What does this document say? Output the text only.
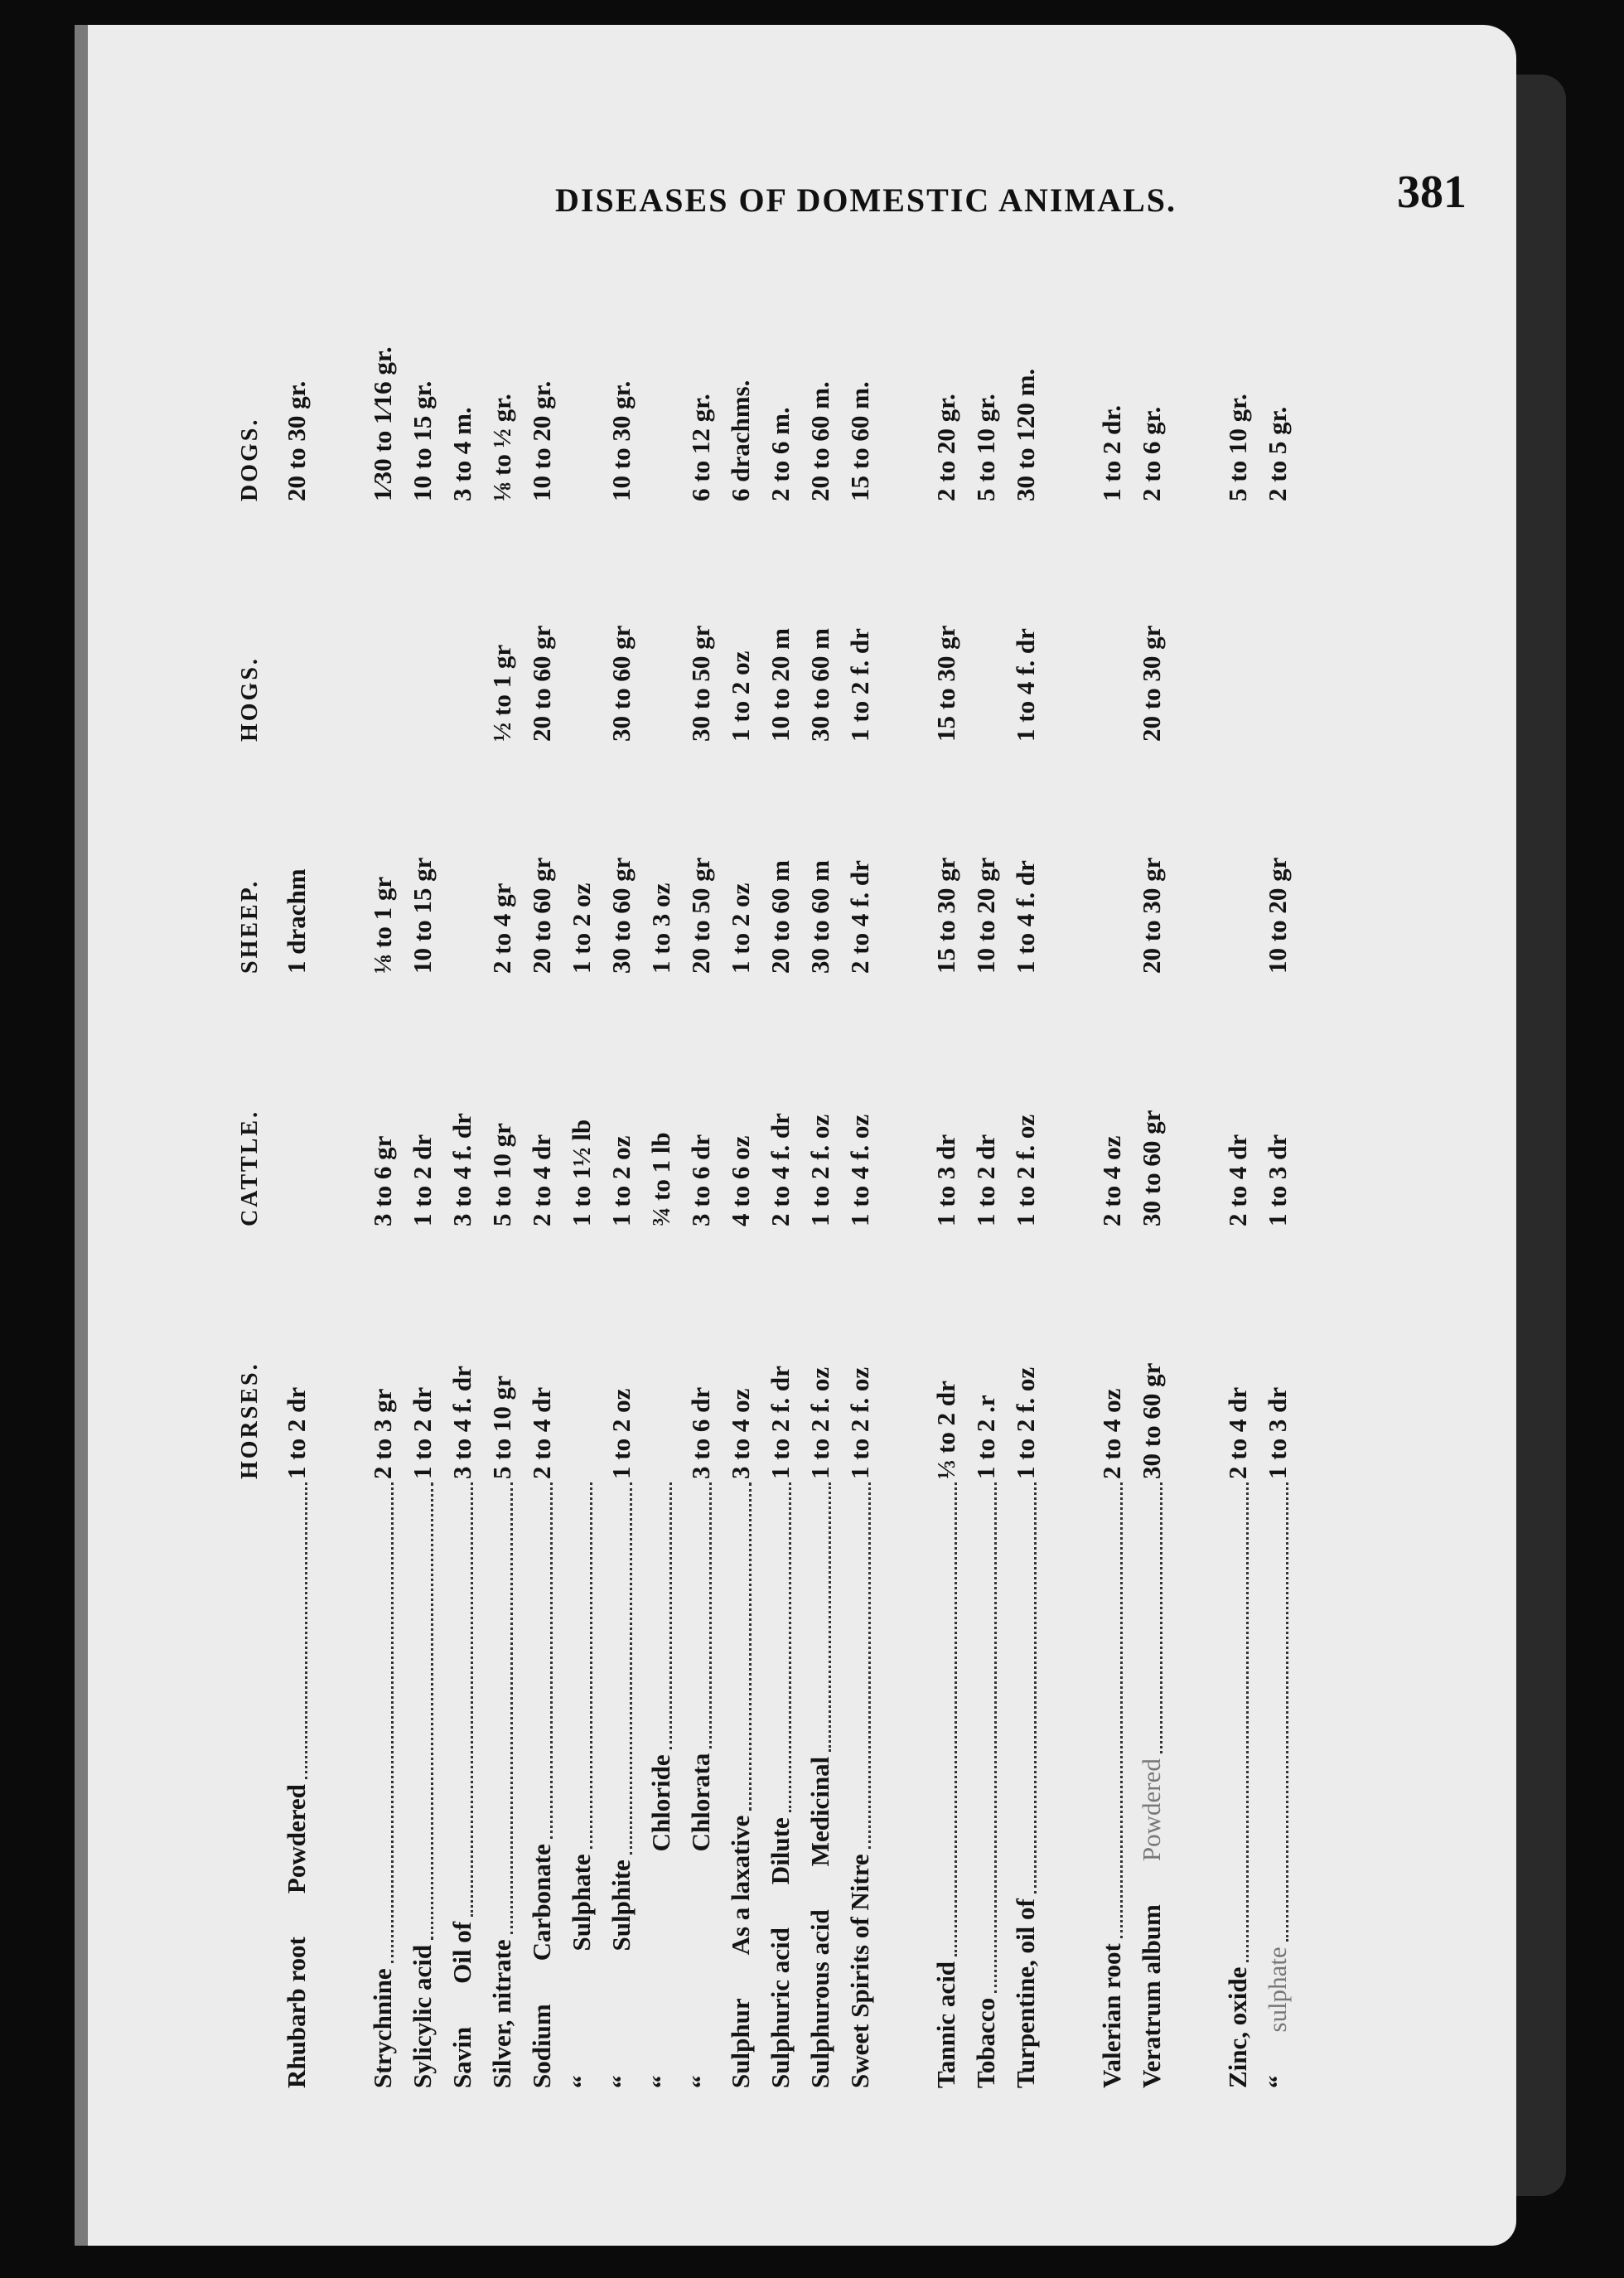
DISEASES OF DOMESTIC ANIMALS.	381
HORSES.
CATTLE.
SHEEP.
HOGS.
DOGS.
Rhubarb root
Powdered
1 to 2 dr
1 drachm
20 to 30 gr.
Strychnine
2 to 3 gr
3 to 6 gr
⅛ to 1 gr
1⁄30 to 1⁄16 gr.
Sylicylic acid
1 to 2 dr
1 to 2 dr
10 to 15 gr
10 to 15 gr.
Savin
Oil of
3 to 4 f. dr
3 to 4 f. dr
3 to 4 m.
Silver, nitrate
5 to 10 gr
5 to 10 gr
2 to 4 gr
½ to 1 gr
⅛ to ½ gr.
Sodium
Carbonate
2 to 4 dr
2 to 4 dr
20 to 60 gr
20 to 60 gr
10 to 20 gr.
“
Sulphate
1 to 1½ lb
1 to 2 oz
“
Sulphite
1 to 2 oz
1 to 2 oz
30 to 60 gr
30 to 60 gr
10 to 30 gr.
“
Chloride
¾ to 1 lb
1 to 3 oz
“
Chlorata
3 to 6 dr
3 to 6 dr
20 to 50 gr
30 to 50 gr
6 to 12 gr.
Sulphur
As a laxative
3 to 4 oz
4 to 6 oz
1 to 2 oz
1 to 2 oz
6 drachms.
Sulphuric acid
Dilute
1 to 2 f. dr
2 to 4 f. dr
20 to 60 m
10 to 20 m
2 to 6 m.
Sulphurous acid
Medicinal
1 to 2 f. oz
1 to 2 f. oz
30 to 60 m
30 to 60 m
20 to 60 m.
Sweet Spirits of Nitre
1 to 2 f. oz
1 to 4 f. oz
2 to 4 f. dr
1 to 2 f. dr
15 to 60 m.
Tannic acid
⅓ to 2 dr
1 to 3 dr
15 to 30 gr
15 to 30 gr
2 to 20 gr.
Tobacco
1 to 2 .r
1 to 2 dr
10 to 20 gr
5 to 10 gr.
Turpentine, oil of
1 to 2 f. oz
1 to 2 f. oz
1 to 4 f. dr
1 to 4 f. dr
30 to 120 m.
Valerian root
2 to 4 oz
2 to 4 oz
1 to 2 dr.
Veratrum album
Powdered
30 to 60 gr
30 to 60 gr
20 to 30 gr
20 to 30 gr
2 to 6 gr.
Zinc, oxide
2 to 4 dr
2 to 4 dr
5 to 10 gr.
“
sulphate
1 to 3 dr
1 to 3 dr
10 to 20 gr
2 to 5 gr.
